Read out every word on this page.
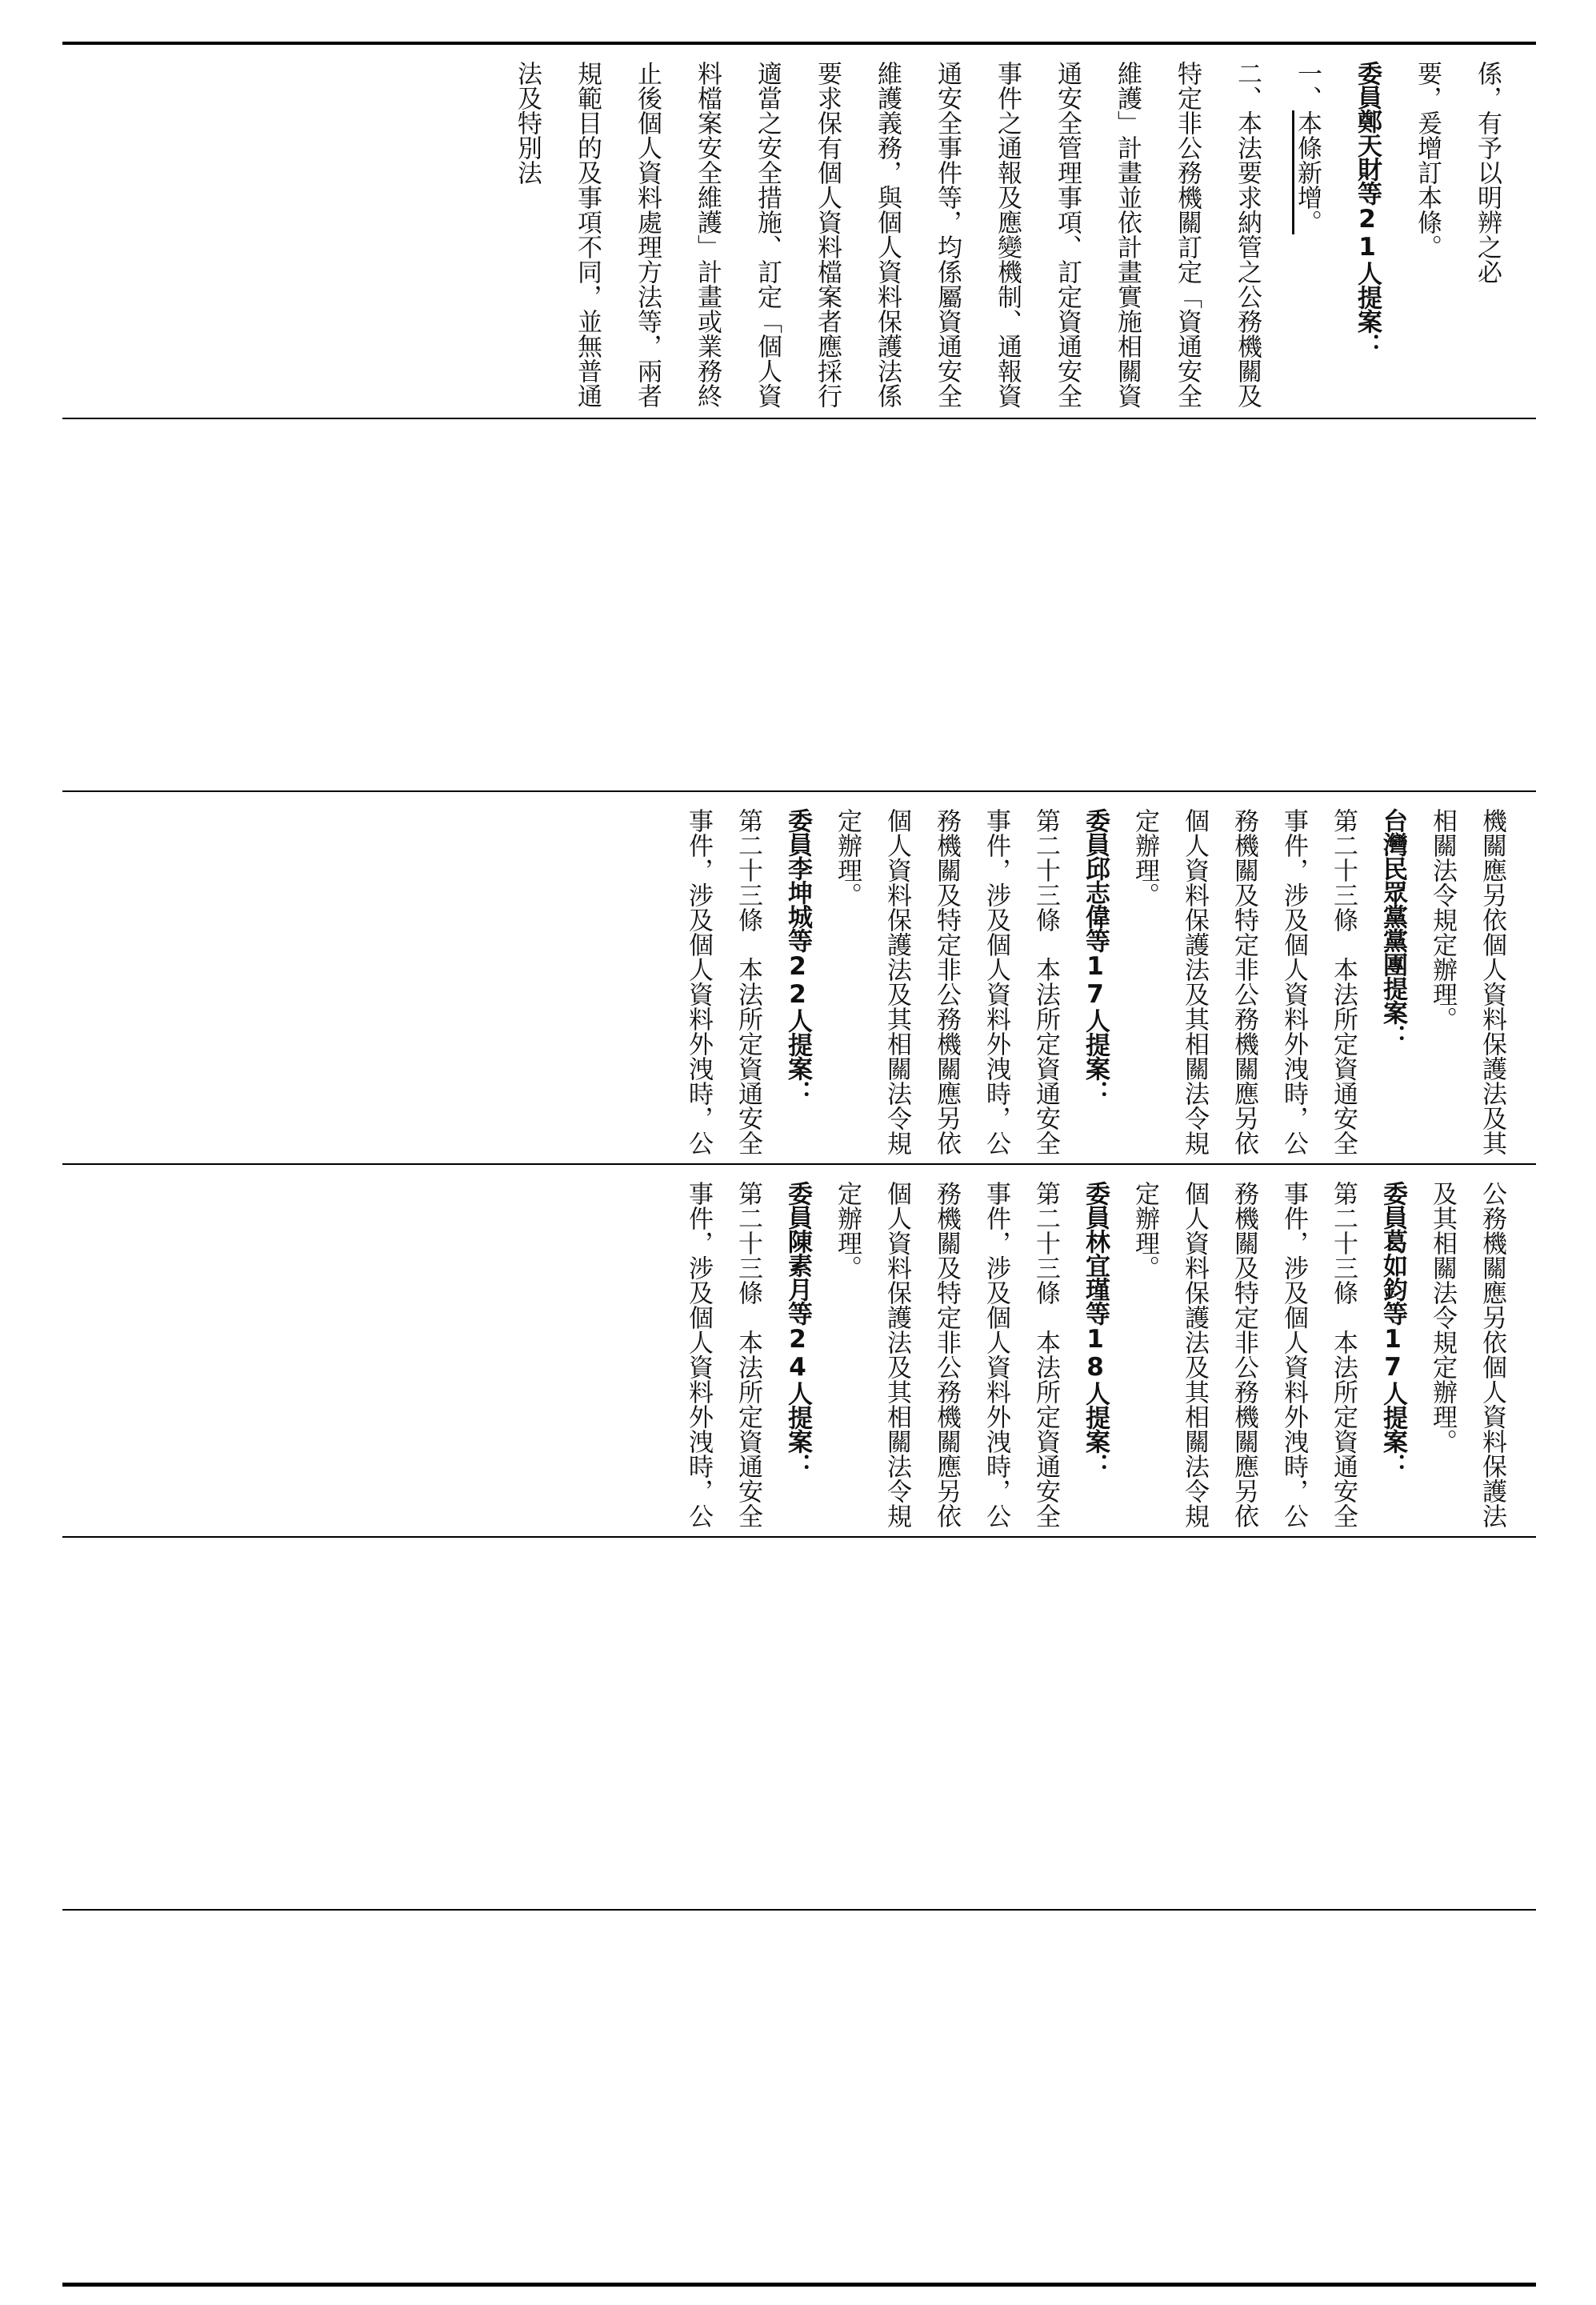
係，有予以明辨之必

要，爰增訂本條。

委員鄭天財等21人提案：

一、本條新增。

二、本法要求納管之公務機關及特定非公務機關訂定「資通安全維護」計畫並依計畫實施相關資通安全管理事項、訂定資通安全事件之通報及應變機制、通報資通安全事件等，均係屬資通安全維護義務，與個人資料保護法係要求保有個人資料檔案者應採行適當之安全措施、訂定「個人資料檔案安全維護」計畫或業務終止後個人資料處理方法等，兩者規範目的及事項不同，並無普通法及特別法

機關應另依個人資料保護法及其相關法令規定辦理。

台灣民眾黨黨團提案：

第二十三條　本法所定資通安全事件，涉及個人資料外洩時，公務機關及特定非公務機關應另依個人資料保護法及其相關法令規定辦理。

委員邱志偉等17人提案：

第二十三條　本法所定資通安全事件，涉及個人資料外洩時，公務機關及特定非公務機關應另依個人資料保護法及其相關法令規定辦理。

委員李坤城等22人提案：

第二十三條　本法所定資通安全事件，涉及個人資料外洩時，公

公務機關應另依個人資料保護法及其相關法令規定辦理。

委員葛如鈞等17人提案：

第二十三條　本法所定資通安全事件，涉及個人資料外洩時，公務機關及特定非公務機關應另依個人資料保護法及其相關法令規定辦理。

委員林宜瑾等18人提案：

第二十三條　本法所定資通安全事件，涉及個人資料外洩時，公務機關及特定非公務機關應另依個人資料保護法及其相關法令規定辦理。

委員陳素月等24人提案：

第二十三條　本法所定資通安全事件，涉及個人資料外洩時，公
